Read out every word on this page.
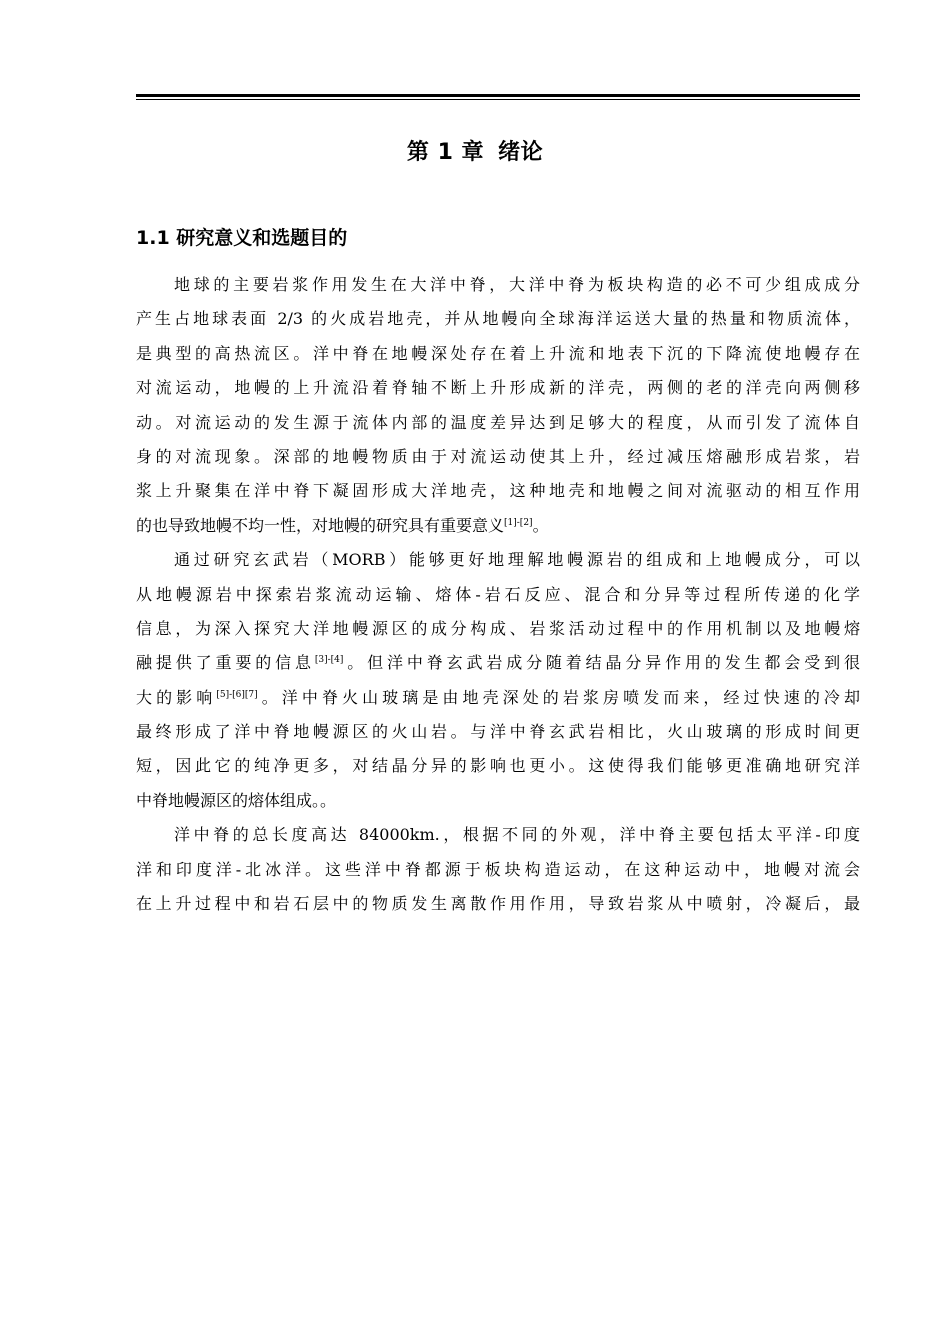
第 1 章 绪论
1.1 研究意义和选题目的
地球的主要岩浆作用发生在大洋中脊，大洋中脊为板块构造的必不可少组成成分
产生占地球表面 2/3 的火成岩地壳，并从地幔向全球海洋运送大量的热量和物质流体，
是典型的高热流区。洋中脊在地幔深处存在着上升流和地表下沉的下降流使地幔存在
对流运动，地幔的上升流沿着脊轴不断上升形成新的洋壳，两侧的老的洋壳向两侧移
动。对流运动的发生源于流体内部的温度差异达到足够大的程度，从而引发了流体自
身的对流现象。深部的地幔物质由于对流运动使其上升，经过减压熔融形成岩浆，岩
浆上升聚集在洋中脊下凝固形成大洋地壳，这种地壳和地幔之间对流驱动的相互作用
的也导致地幔不均一性，对地幔的研究具有重要意义[1]-[2]。
通过研究玄武岩（MORB）能够更好地理解地幔源岩的组成和上地幔成分，可以
从地幔源岩中探索岩浆流动运输、熔体-岩石反应、混合和分异等过程所传递的化学
信息，为深入探究大洋地幔源区的成分构成、岩浆活动过程中的作用机制以及地幔熔
融提供了重要的信息[3]-[4]。但洋中脊玄武岩成分随着结晶分异作用的发生都会受到很
大的影响[5]-[6][7]。洋中脊火山玻璃是由地壳深处的岩浆房喷发而来，经过快速的冷却
最终形成了洋中脊地幔源区的火山岩。与洋中脊玄武岩相比，火山玻璃的形成时间更
短，因此它的纯净更多，对结晶分异的影响也更小。这使得我们能够更准确地研究洋
中脊地幔源区的熔体组成。。
洋中脊的总长度高达 84000km.，根据不同的外观，洋中脊主要包括太平洋-印度
洋和印度洋-北冰洋。这些洋中脊都源于板块构造运动，在这种运动中，地幔对流会
在上升过程中和岩石层中的物质发生离散作用作用，导致岩浆从中喷射，冷凝后，最
